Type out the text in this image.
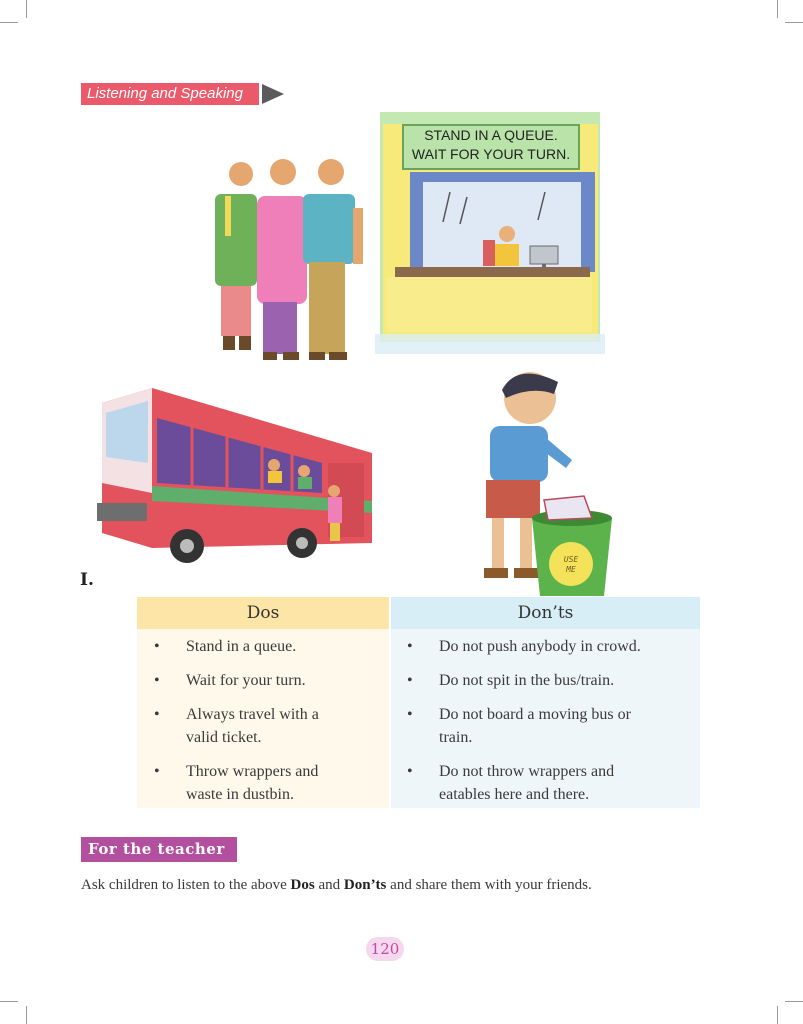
Listening and Speaking
STAND IN A QUEUE.
WAIT FOR YOUR TURN.
USE
ME
I.
Dos
• Stand in a queue.
• Wait for your turn.
• Always travel with a
valid ticket.
• Throw wrappers and
waste in dustbin.
Don’ts
• Do not push anybody in crowd.
• Do not spit in the bus/train.
• Do not board a moving bus or
train.
• Do not throw wrappers and
eatables here and there.
For the teacher
Ask children to listen to the above Dos and Don’ts and share them with your friends.
120
